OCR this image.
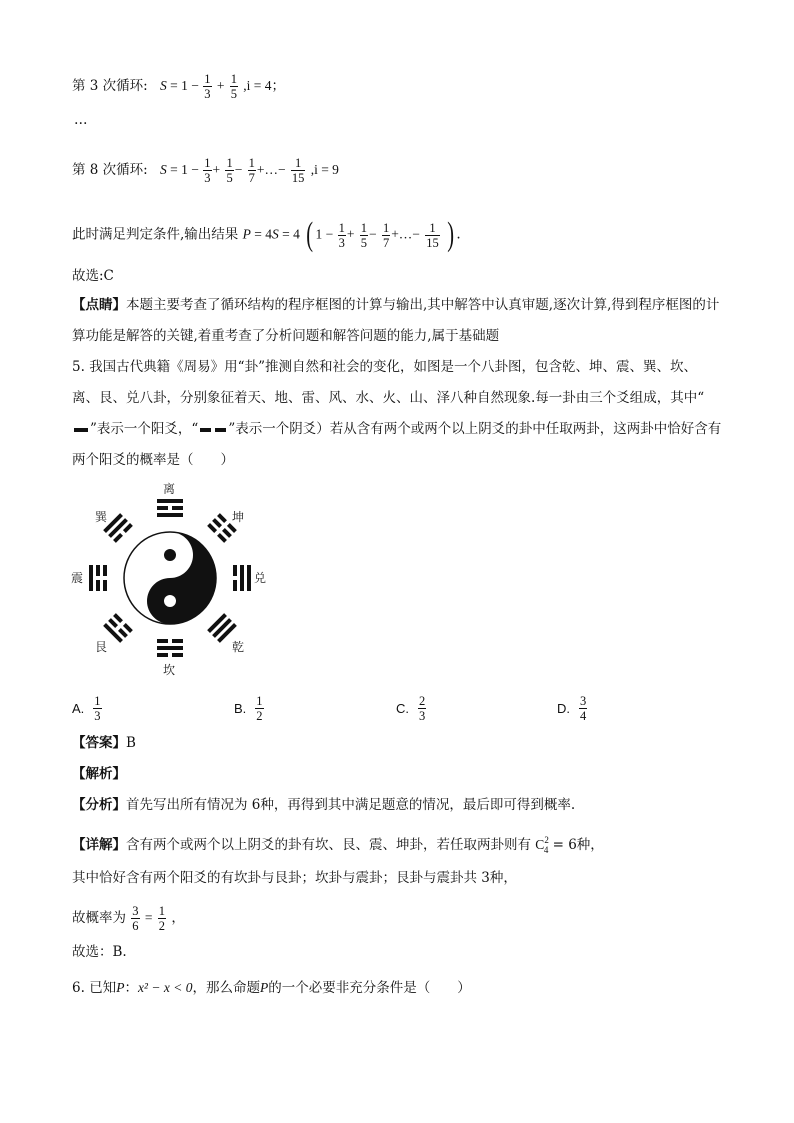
第 3 次循环: $S = 1 - \frac{1}{3} + \frac{1}{5} ,i = 4$；
…
第 8 次循环: $S = 1 - \frac{1}{3} + \frac{1}{5} - \frac{1}{7}$ +…− $\frac{1}{15} ,i = 9$
此时满足判定条件,输出结果 P = 4S = 4 ( $1 - \frac{1}{3} + \frac{1}{5} - \frac{1}{7}$ +…− $\frac{1}{15}$ ) .
故选:C
【点睛】本题主要考查了循环结构的程序框图的计算与输出,其中解答中认真审题,逐次计算,得到程序框图的计算功能是解答的关键,着重考查了分析问题和解答问题的能力,属于基础题
5. 我国古代典籍《周易》用“卦”推测自然和社会的变化，如图是一个八卦图，包含乾、坤、震、巽、坎、离、艮、兑八卦，分别象征着天、地、雷、风、水、火、山、泽八种自然现象.每一卦由三个爻组成，其中“”表示一个阳爻，“ ”表示一个阴爻）若从含有两个或两个以上阴爻的卦中任取两卦，这两卦中恰好含有两个阳爻的概率是（　　）
离
坤
兑
乾
坎
艮
震
巽
A. $\frac{1}{3}$	B. $\frac{1}{2}$	C. $\frac{2}{3}$	D. $\frac{3}{4}$
【答案】B
【解析】
【分析】首先写出所有情况为 6种，再得到其中满足题意的情况，最后即可得到概率.
【详解】含有两个或两个以上阴爻的卦有坎、艮、震、坤卦，若任取两卦则有 $C^2_4 = 6$种，
其中恰好含有两个阳爻的有坎卦与艮卦；坎卦与震卦；艮卦与震卦共 3种，
故概率为 $\frac{3}{6} = \frac{1}{2}$ ，
故选：B.
6. 已知P：x² − x < 0，那么命题P的一个必要非充分条件是（　　）
